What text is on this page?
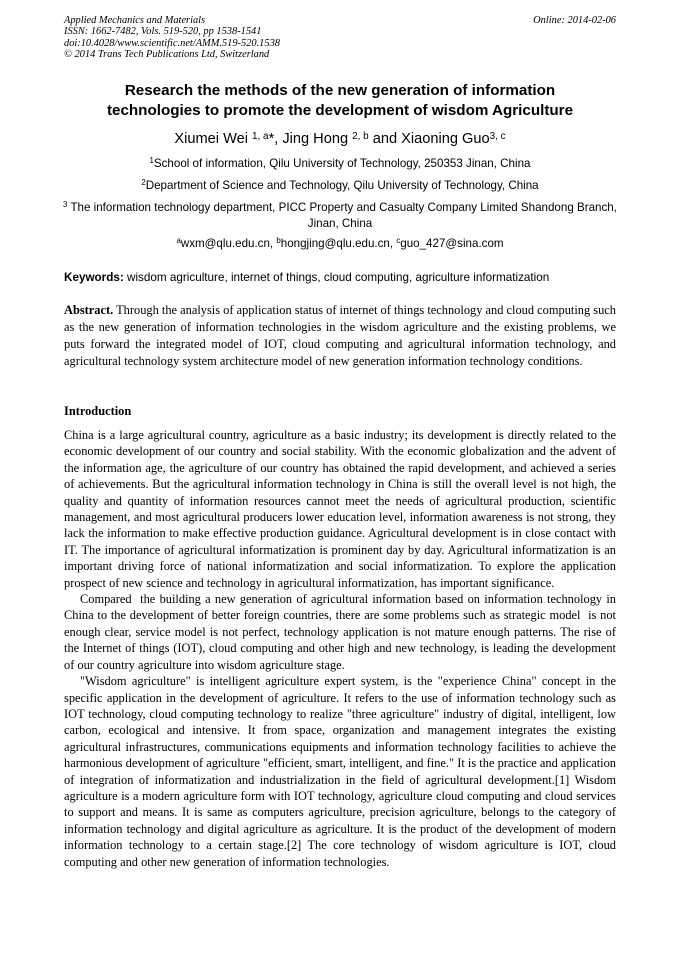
Applied Mechanics and Materials
ISSN: 1662-7482, Vols. 519-520, pp 1538-1541
doi:10.4028/www.scientific.net/AMM.519-520.1538
© 2014 Trans Tech Publications Ltd, Switzerland
Online: 2014-02-06
Research the methods of the new generation of information
technologies to promote the development of wisdom Agriculture
Xiumei Wei $^{1, a}$*, Jing Hong $^{2, b}$ and Xiaoning Guo$^{3, c}$
$^1$School of information, Qilu University of Technology, 250353 Jinan, China
$^2$Department of Science and Technology, Qilu University of Technology, China
$^3$ The information technology department, PICC Property and Casualty Company Limited Shandong Branch, Jinan, China
$^a$wxm@qlu.edu.cn, $^b$hongjing@qlu.edu.cn, $^c$guo_427@sina.com
Keywords: wisdom agriculture, internet of things, cloud computing, agriculture informatization
Abstract. Through the analysis of application status of internet of things technology and cloud computing such as the new generation of information technologies in the wisdom agriculture and the existing problems, we puts forward the integrated model of IOT, cloud computing and agricultural information technology, and agricultural technology system architecture model of new generation information technology conditions.
Introduction

China is a large agricultural country, agriculture as a basic industry; its development is directly related to the economic development of our country and social stability. With the economic globalization and the advent of the information age, the agriculture of our country has obtained the rapid development, and achieved a series of achievements. But the agricultural information technology in China is still the overall level is not high, the quality and quantity of information resources cannot meet the needs of agricultural production, scientific management, and most agricultural producers lower education level, information awareness is not strong, they lack the information to make effective production guidance. Agricultural development is in close contact with IT. The importance of agricultural informatization is prominent day by day. Agricultural informatization is an important driving force of national informatization and social informatization. To explore the application prospect of new science and technology in agricultural informatization, has important significance.

Compared  the building a new generation of agricultural information based on information technology in China to the development of better foreign countries, there are some problems such as strategic model  is not enough clear, service model is not perfect, technology application is not mature enough patterns. The rise of the Internet of things (IOT), cloud computing and other high and new technology, is leading the development of our country agriculture into wisdom agriculture stage.

"Wisdom agriculture" is intelligent agriculture expert system, is the "experience China" concept in the specific application in the development of agriculture. It refers to the use of information technology such as IOT technology, cloud computing technology to realize "three agriculture" industry of digital, intelligent, low carbon, ecological and intensive. It from space, organization and management integrates the existing agricultural infrastructures, communications equipments and information technology facilities to achieve the harmonious development of agriculture "efficient, smart, intelligent, and fine." It is the practice and application of integration of informatization and industrialization in the field of agricultural development.[1] Wisdom agriculture is a modern agriculture form with IOT technology, agriculture cloud computing and cloud services to support and means. It is same as computers agriculture, precision agriculture, belongs to the category of information technology and digital agriculture as agriculture. It is the product of the development of modern information technology to a certain stage.[2] The core technology of wisdom agriculture is IOT, cloud computing and other new generation of information technologies.
